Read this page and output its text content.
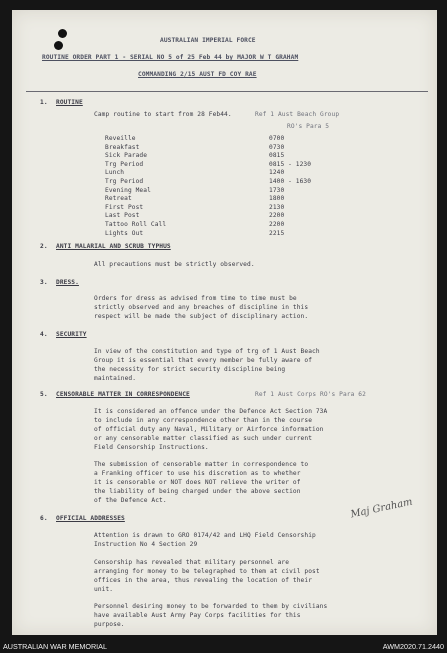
AUSTRALIAN IMPERIAL FORCE
ROUTINE ORDER PART 1 - SERIAL NO 5 of 25 Feb 44 by MAJOR W T GRAHAM
COMMANDING 2/15 AUST FD COY RAE
1. ROUTINE
Camp routine to start from 28 Feb44.	Ref 1 Aust Beach Group
RO's Para 5
Reveille	0700
Breakfast	0730
Sick Parade	0815
Trg Period	0815 - 1230
Lunch	1240
Trg Period	1400 - 1630
Evening Meal	1730
Retreat	1800
First Post	2130
Last Post	2200
Tattoo Roll Call	2200
Lights Out	2215
2. ANTI MALARIAL AND SCRUB TYPHUS
All precautions must be strictly observed.
3. DRESS.
Orders for dress as advised from time to time must be
strictly observed and any breaches of discipline in this
respect will be made the subject of disciplinary action.
4. SECURITY
In view of the constitution and type of trg of 1 Aust Beach
Group it is essential that every member be fully aware of
the necessity for strict security discipline being
maintained.
5. CENSORABLE MATTER IN CORRESPONDENCE	Ref 1 Aust Corps RO's Para 62
It is considered an offence under the Defence Act Section 73A
to include in any correspondence other than in the course
of official duty any Naval, Military or Airforce information
or any censorable matter classified as such under current
Field Censorship Instructions.
The submission of censorable matter in correspondence to
a Franking officer to use his discretion as to whether
it is censorable or NOT does NOT relieve the writer of
the liability of being charged under the above section
of the Defence Act.	Maj Graham
6. OFFICIAL ADDRESSES
Attention is drawn to GRO 0174/42 and LHQ Field Censorship
Instruction No 4 Section 29
Censorship has revealed that military personnel are
arranging for money to be telegraphed to them at civil post
offices in the area, thus revealing the location of their
unit.
Personnel desiring money to be forwarded to them by civilians
have available Aust Army Pay Corps facilities for this
purpose.
AUSTRALIAN WAR MEMORIAL	AWM2020.71.2440
